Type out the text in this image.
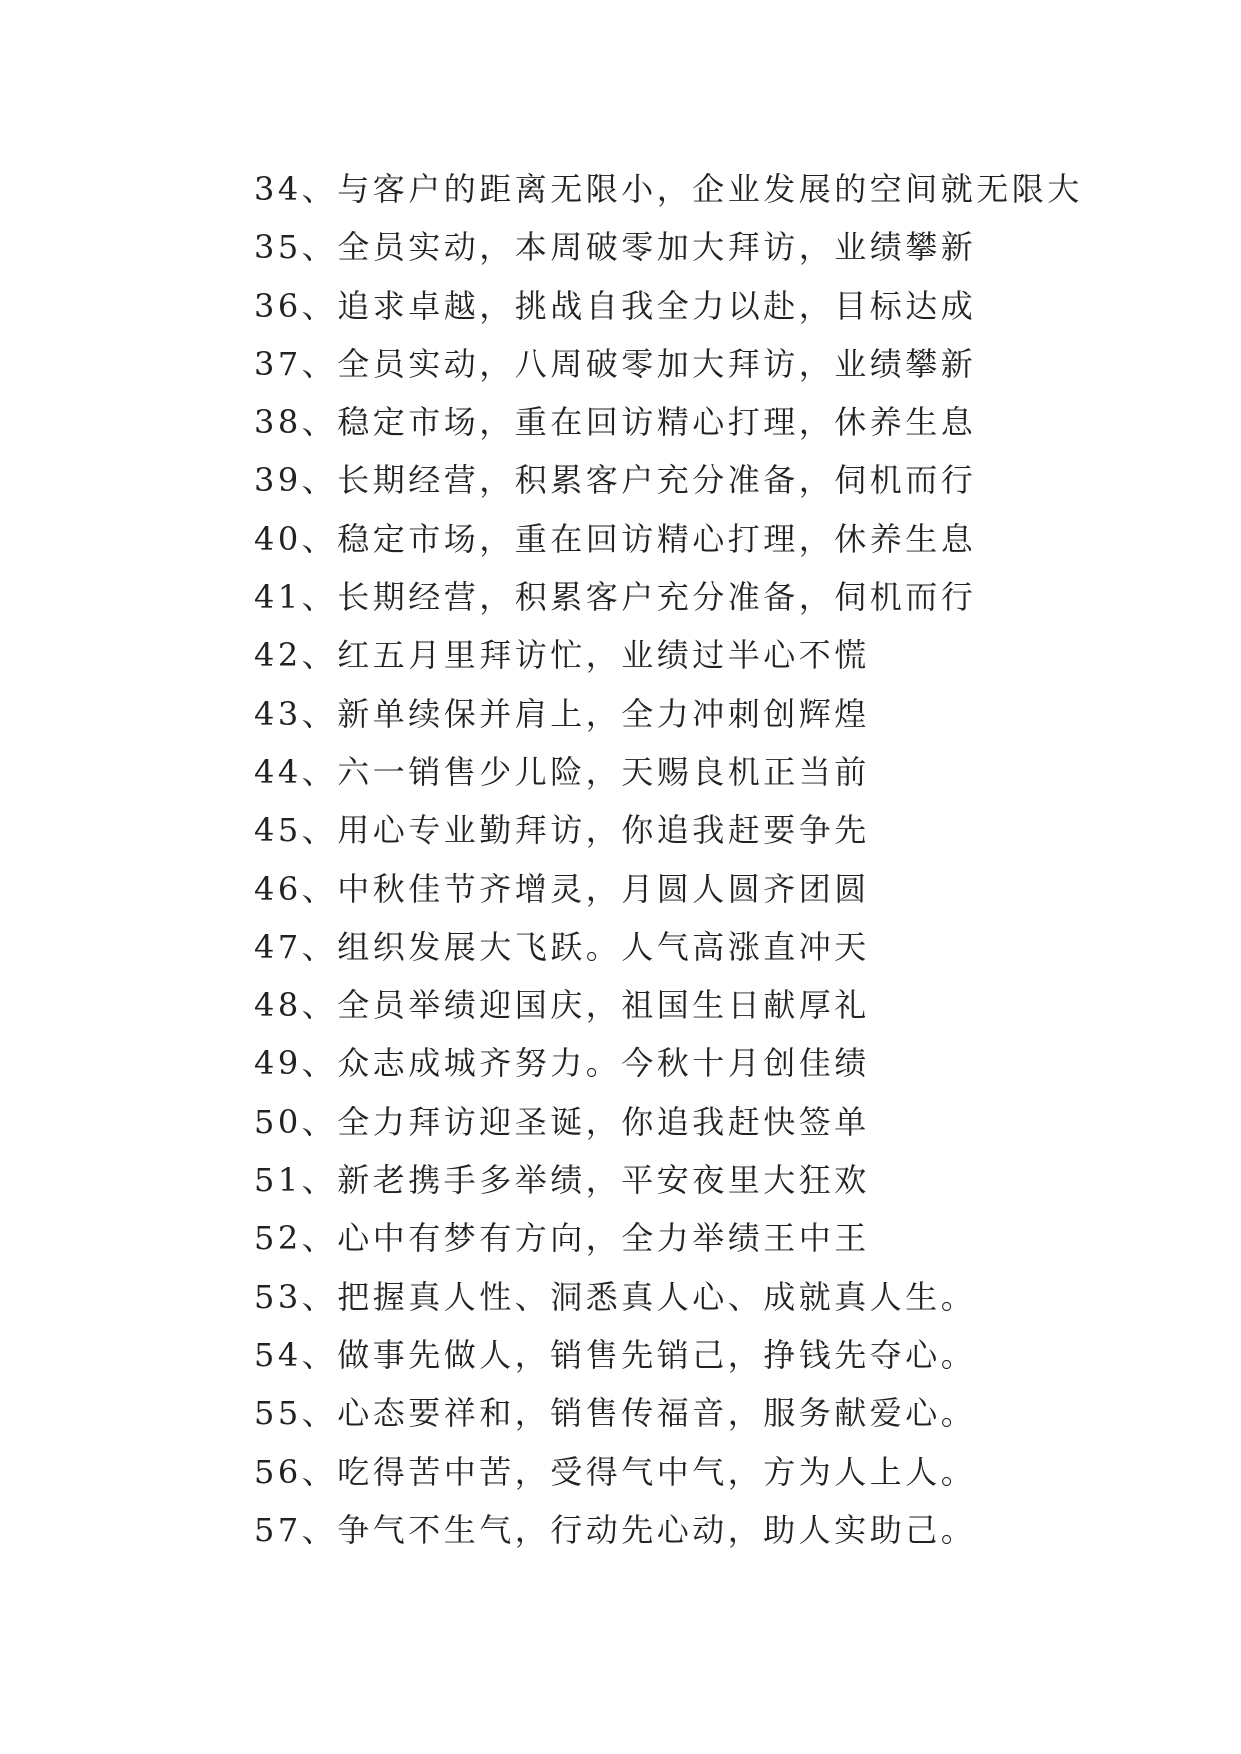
34、与客户的距离无限小，企业发展的空间就无限大
35、全员实动，本周破零加大拜访，业绩攀新
36、追求卓越，挑战自我全力以赴，目标达成
37、全员实动，八周破零加大拜访，业绩攀新
38、稳定市场，重在回访精心打理，休养生息
39、长期经营，积累客户充分准备，伺机而行
40、稳定市场，重在回访精心打理，休养生息
41、长期经营，积累客户充分准备，伺机而行
42、红五月里拜访忙，业绩过半心不慌
43、新单续保并肩上，全力冲刺创辉煌
44、六一销售少儿险，天赐良机正当前
45、用心专业勤拜访，你追我赶要争先
46、中秋佳节齐增灵，月圆人圆齐团圆
47、组织发展大飞跃。人气高涨直冲天
48、全员举绩迎国庆，祖国生日献厚礼
49、众志成城齐努力。今秋十月创佳绩
50、全力拜访迎圣诞，你追我赶快签单
51、新老携手多举绩，平安夜里大狂欢
52、心中有梦有方向，全力举绩王中王
53、把握真人性、洞悉真人心、成就真人生。
54、做事先做人，销售先销己，挣钱先夺心。
55、心态要祥和，销售传福音，服务献爱心。
56、吃得苦中苦，受得气中气，方为人上人。
57、争气不生气，行动先心动，助人实助己。
